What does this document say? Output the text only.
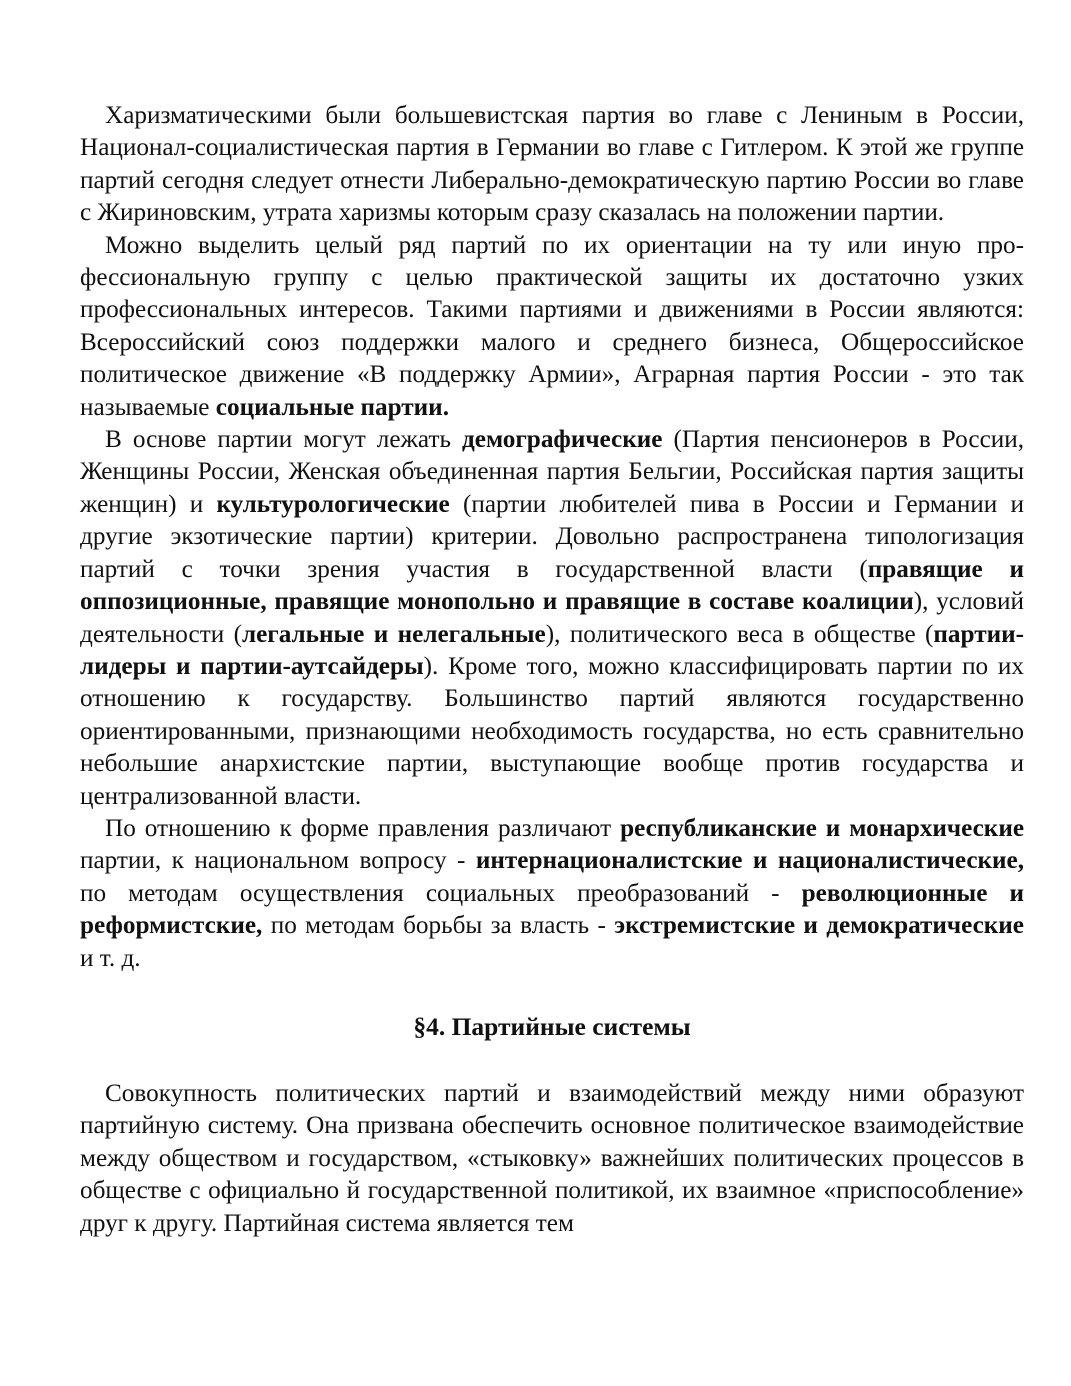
Харизматическими были большевистская партия во главе с Лениным в России, Национал-социалистическая партия в Германии во главе с Гитлером. К этой же группе партий сегодня следует отнести Либерально-демократическую партию России во главе с Жириновским, утрата харизмы которым сразу сказалась на положении партии.

Можно выделить целый ряд партий по их ориентации на ту или иную профессиональную группу с целью практической защиты их достаточно узких профессиональных интересов. Такими партиями и движениями в России являются: Всероссийский союз поддержки малого и среднего бизнеса, Общероссийское политическое движение «В поддержку Армии», Аграрная партия России - это так называемые социальные партии.

В основе партии могут лежать демографические (Партия пенсионеров в России, Женщины России, Женская объединенная партия Бельгии, Российская партия защиты женщин) и культурологические (партии любителей пива в России и Германии и другие экзотические партии) критерии. Довольно распространена типологизация партий с точки зрения участия в государственной власти (правящие и оппозиционные, правящие монопольно и правящие в составе коалиции), условий деятельности (легальные и нелегальные), политического веса в обществе (партии-лидеры и партии-аутсайдеры). Кроме того, можно классифицировать партии по их отношению к государству. Большинство партий являются государственно ориентированными, признающими необходимость государства, но есть сравнительно небольшие анархистские партии, выступающие вообще против государства и централизованной власти.

По отношению к форме правления различают республиканские и монархические партии, к национальном вопросу - интернационалистские и националистические, по методам осуществления социальных преобразований - революционные и реформистские, по методам борьбы за власть - экстремистские и демократические и т. д.

§4. Партийные системы

Совокупность политических партий и взаимодействий между ними образуют партийную систему. Она призвана обеспечить основное политическое взаимодействие между обществом и государством, «стыковку» важнейших политических процессов в обществе с официально й государственной политикой, их взаимное «приспособление» друг к другу. Партийная система является тем
